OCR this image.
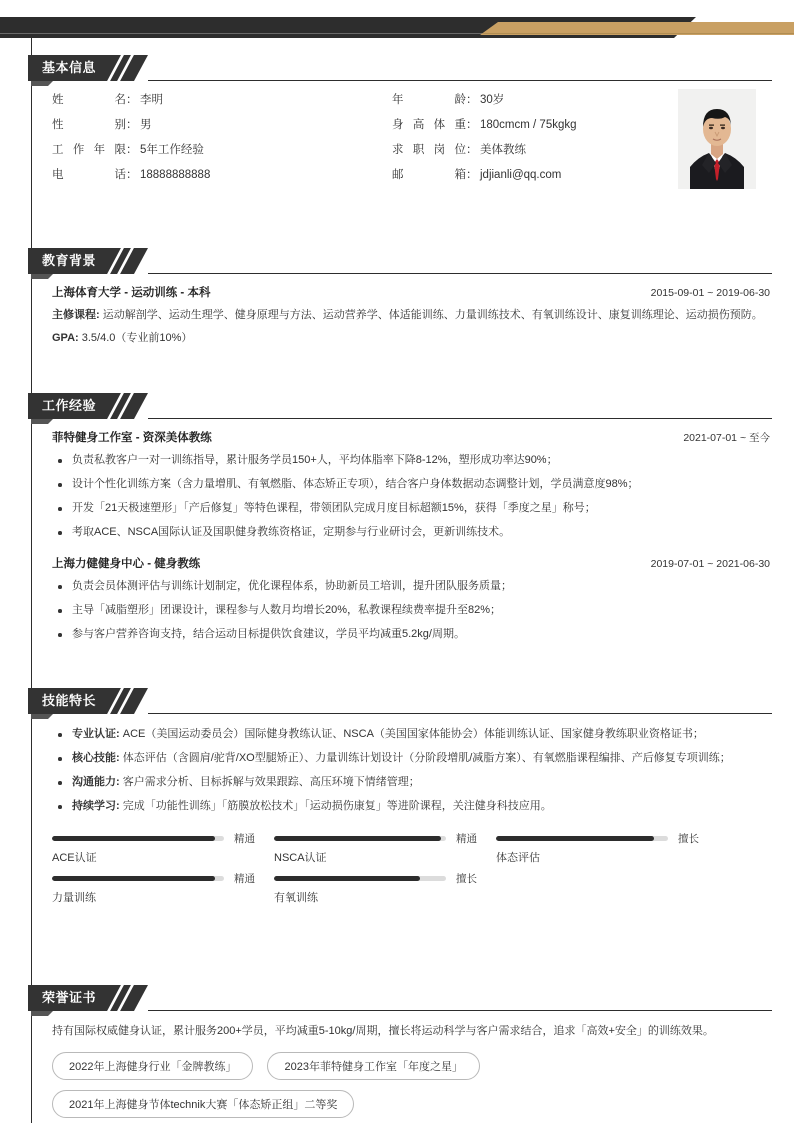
基本信息
姓	名 ： 李明	年	龄 ： 30岁
性	别 ： 男	身 高 体 重 ： 180cmcm / 75kgkg
工 作 年 限 ： 5年工作经验	求 职 岗 位 ： 美体教练
电	话 ： 18888888888	邮	箱 ： jdjianli@qq.com
教育背景
上海体育大学 - 运动训练 - 本科	2015-09-01 ~ 2019-06-30
主修课程: 运动解剖学、运动生理学、健身原理与方法、运动营养学、体适能训练、力量训练技术、有氧训练设计、康复训练理论、运动损伤预防。
GPA: 3.5/4.0（专业前10%）
工作经验
菲特健身工作室 - 资深美体教练	2021-07-01 ~ 至今
负责私教客户一对一训练指导，累计服务学员150+人，平均体脂率下降8-12%，塑形成功率达90%；
设计个性化训练方案（含力量增肌、有氧燃脂、体态矫正专项），结合客户身体数据动态调整计划，学员满意度98%；
开发「21天极速塑形」「产后修复」等特色课程，带领团队完成月度目标超额15%，获得「季度之星」称号；
考取ACE、NSCA国际认证及国职健身教练资格证，定期参与行业研讨会，更新训练技术。
上海力健健身中心 - 健身教练	2019-07-01 ~ 2021-06-30
负责会员体测评估与训练计划制定，优化课程体系，协助新员工培训，提升团队服务质量；
主导「减脂塑形」团课设计，课程参与人数月均增长20%，私教课程续费率提升至82%；
参与客户营养咨询支持，结合运动目标提供饮食建议，学员平均减重5.2kg/周期。
技能特长
专业认证: ACE（美国运动委员会）国际健身教练认证、NSCA（美国国家体能协会）体能训练认证、国家健身教练职业资格证书；
核心技能: 体态评估（含圆肩/驼背/XO型腿矫正）、力量训练计划设计（分阶段增肌/减脂方案）、有氧燃脂课程编排、产后修复专项训练；
沟通能力: 客户需求分析、目标拆解与效果跟踪、高压环境下情绪管理；
持续学习: 完成「功能性训练」「筋膜放松技术」「运动损伤康复」等进阶课程，关注健身科技应用。
精通
ACE认证
精通
NSCA认证
擅长
体态评估
精通
力量训练
擅长
有氧训练
荣誉证书
持有国际权威健身认证，累计服务200+学员，平均减重5-10kg/周期，擅长将运动科学与客户需求结合，追求「高效+安全」的训练效果。
2022年上海健身行业「金牌教练」	2023年菲特健身工作室「年度之星」
2021年上海健身节体technik大赛「体态矫正组」二等奖
